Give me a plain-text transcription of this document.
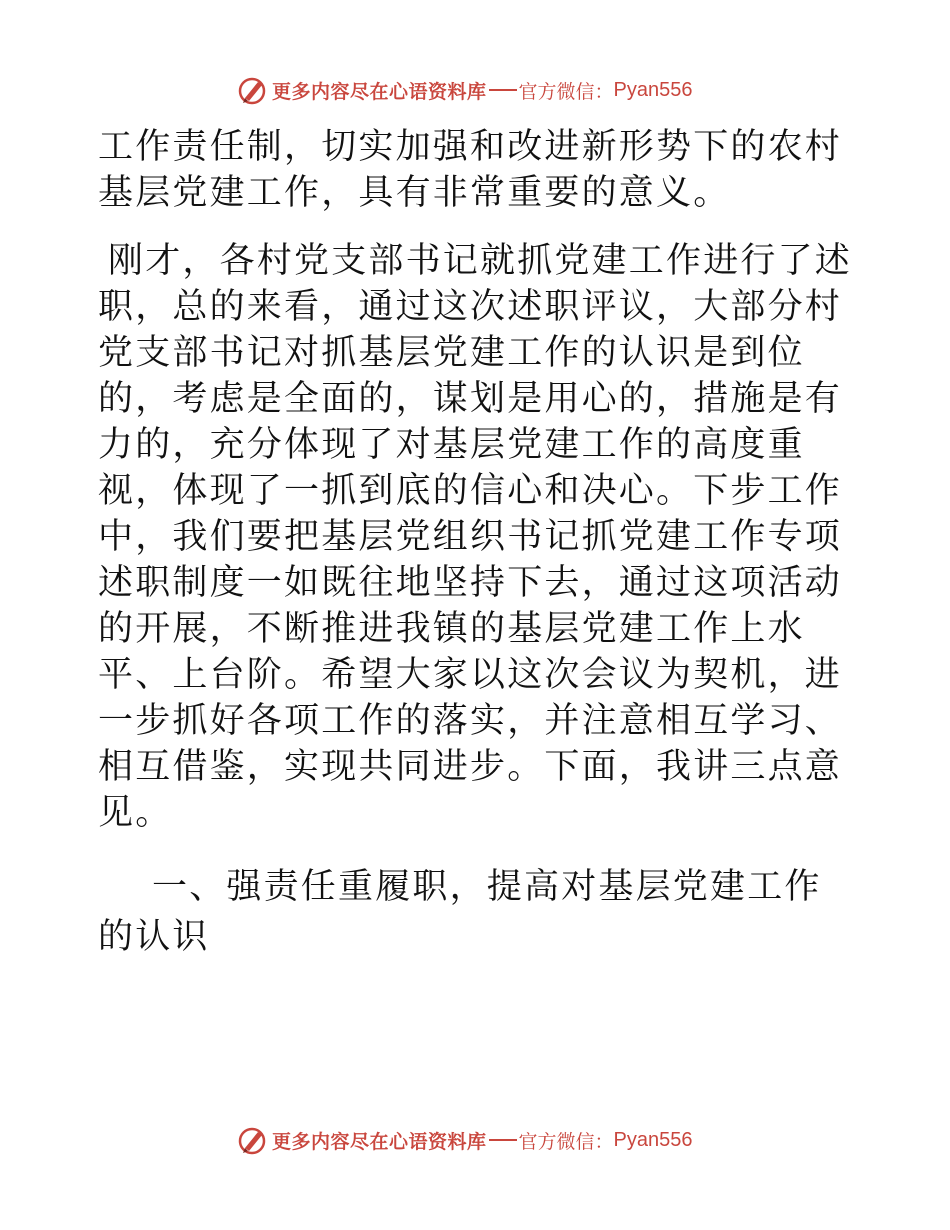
更多内容尽在心语资料库 官方微信： Pyan556

工作责任制，切实加强和改进新形势下的农村基层党建工作，具有非常重要的意义。

刚才，各村党支部书记就抓党建工作进行了述
职，总的来看，通过这次述职评议，大部分村党支部书记对抓基层党建工作的认识是到位的，考虑是全面的，谋划是用心的，措施是有力的，充分体现了对基层党建工作的高度重视，体现了一抓到底的信心和决心。下步工作中，我们要把基层党组织书记抓党建工作专项述职制度一如既往地坚持下去，通过这项活动的开展，不断推进我镇的基层党建工作上水平、上台阶。希望大家以这次会议为契机，进一步抓好各项工作的落实，并注意相互学习、相互借鉴，实现共同进步。下面，我讲三点意见。

一、强责任重履职，提高对基层党建工作的认识

更多内容尽在心语资料库 官方微信： Pyan556
